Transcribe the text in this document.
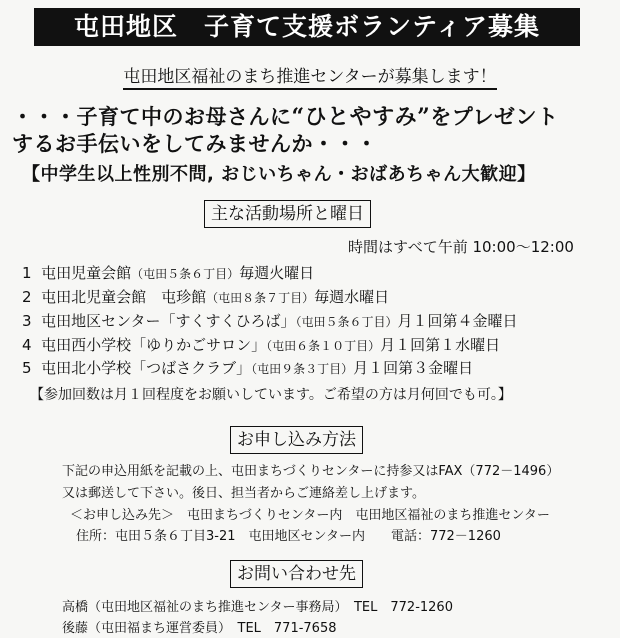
屯田地区　子育て支援ボランティア募集
屯田地区福祉のまち推進センターが募集します！
・・・子育て中のお母さんに“ひとやすみ”をプレゼント
するお手伝いをしてみませんか・・・
【中学生以上性別不問, おじいちゃん・おばあちゃん大歓迎】
主な活動場所と曜日
時間はすべて午前 10:00～12:00
1 屯田児童会館（屯田５条６丁目）毎週火曜日
2 屯田北児童会館　屯珍館（屯田８条７丁目）毎週水曜日
3 屯田地区センター「すくすくひろば」（屯田５条６丁目）月１回第４金曜日
4 屯田西小学校「ゆりかごサロン」（屯田６条１０丁目）月１回第１水曜日
5 屯田北小学校「つばさクラブ」（屯田９条３丁目）月１回第３金曜日
【参加回数は月１回程度をお願いしています。ご希望の方は月何回でも可。】
お申し込み方法
下記の申込用紙を記載の上、屯田まちづくりセンターに持参又はFAX（772－1496）
又は郵送して下さい。後日、担当者からご連絡差し上げます。
＜お申し込み先＞　屯田まちづくりセンター内　屯田地区福祉のまち推進センター
住所：屯田５条６丁目3-21　屯田地区センター内　　電話：772－1260
お問い合わせ先
高橋（屯田地区福祉のまち推進センター事務局）　TEL　772-1260
後藤（屯田福まち運営委員）　TEL　771-7658
